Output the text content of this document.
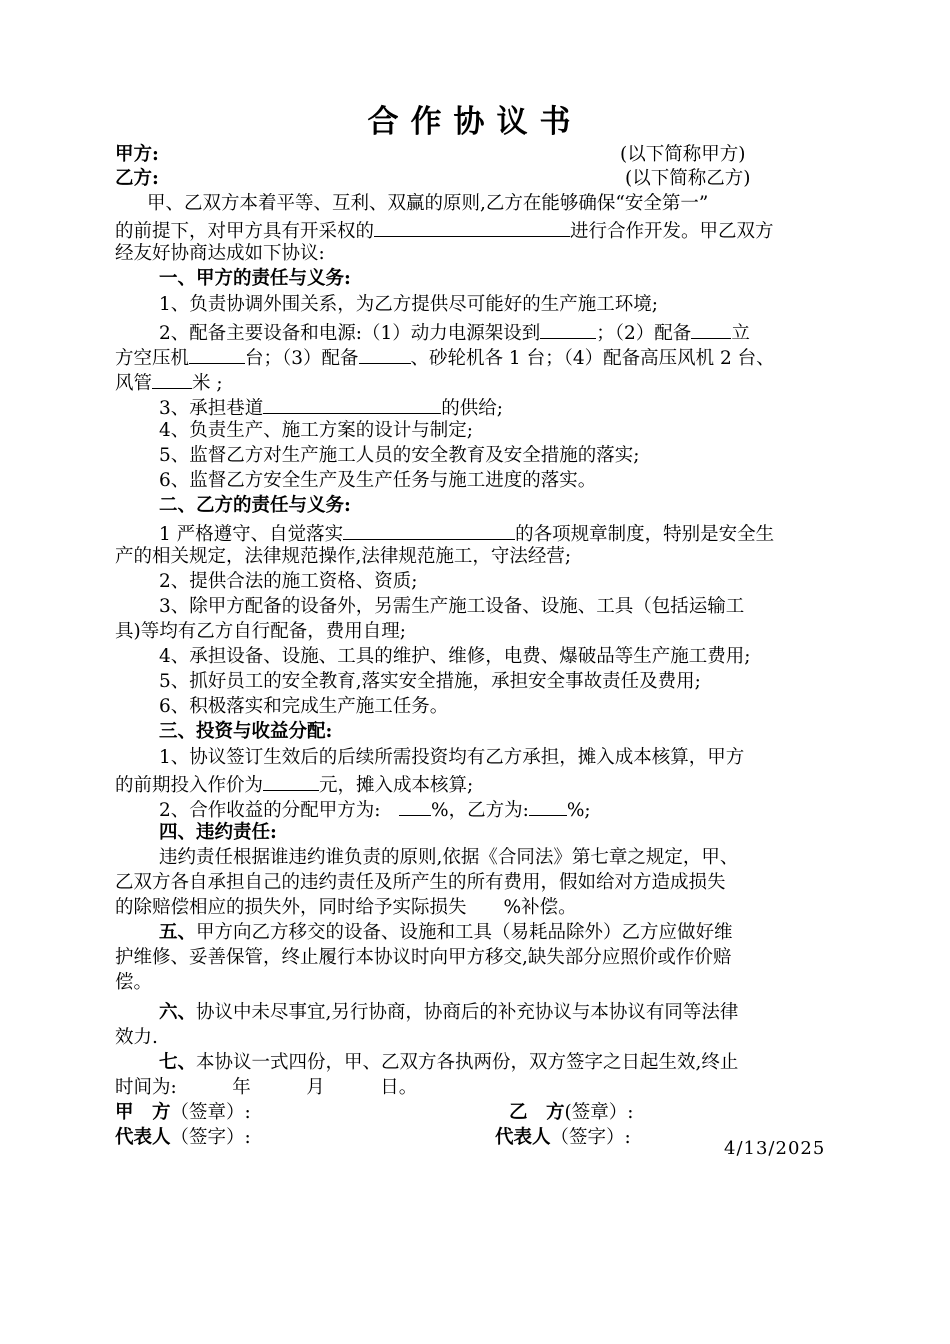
合作协议书
甲方:	(以下简称甲方)
乙方:	(以下简称乙方)
甲、乙双方本着平等、互利、双赢的原则,乙方在能够确保“安全第一”
的前提下，对甲方具有开采权的	进行合作开发。甲乙双方
经友好协商达成如下协议:
一、甲方的责任与义务:
1、负责协调外围关系，为乙方提供尽可能好的生产施工环境;
2、配备主要设备和电源:（1）动力电源架设到	；（2）配备 立
方空压机	台；（3）配备	、砂轮机各 1 台；（4）配备高压风机 2 台、
风管 米 ;
3、承担巷道	的供给;
4、负责生产、施工方案的设计与制定;
5、监督乙方对生产施工人员的安全教育及安全措施的落实;
6、监督乙方安全生产及生产任务与施工进度的落实。
二、乙方的责任与义务:
1 严格遵守、自觉落实	的各项规章制度，特别是安全生
产的相关规定，法律规范操作,法律规范施工，守法经营;
2、提供合法的施工资格、资质;
3、除甲方配备的设备外，另需生产施工设备、设施、工具（包括运输工
具)等均有乙方自行配备，费用自理;
4、承担设备、设施、工具的维护、维修，电费、爆破品等生产施工费用;
5、抓好员工的安全教育,落实安全措施，承担安全事故责任及费用;
6、积极落实和完成生产施工任务。
三、投资与收益分配:
1、协议签订生效后的后续所需投资均有乙方承担，摊入成本核算，甲方
的前期投入作价为	元，摊入成本核算;
2、合作收益的分配甲方为:　	%，乙方为: %;
四、违约责任:
违约责任根据谁违约谁负责的原则,依据《合同法》第七章之规定，甲、
乙双方各自承担自己的违约责任及所产生的所有费用，假如给对方造成损失
的除赔偿相应的损失外，同时给予实际损失　　%补偿。
五、甲方向乙方移交的设备、设施和工具（易耗品除外）乙方应做好维
护维修、妥善保管，终止履行本协议时向甲方移交,缺失部分应照价或作价赔
偿。
六、协议中未尽事宜,另行协商，协商后的补充协议与本协议有同等法律
效力.
七、本协议一式四份，甲、乙双方各执两份，双方签字之日起生效,终止
时间为:　　　年　　　月　　　日。
甲　方（签章）:	乙　方(签章）:
代表人（签字）:	代表人（签字）:
4/13/2025
